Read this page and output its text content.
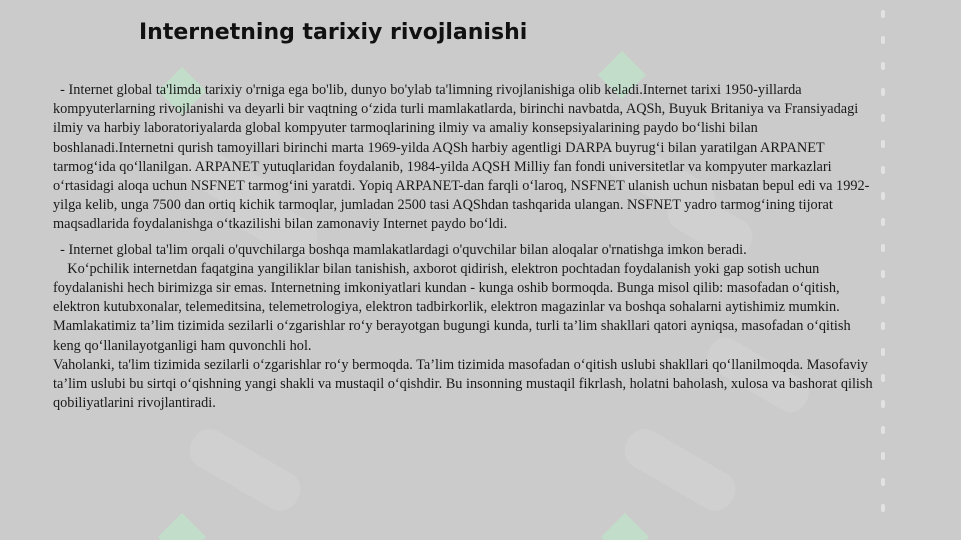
Internetning tarixiy rivojlanishi

- Internet global ta'limda tarixiy o'rniga ega bo'lib, dunyo bo'ylab ta'limning rivojlanishiga olib keladi.Internet tarixi 1950-yillarda kompyuterlarning rivojlanishi va deyarli bir vaqtning o‘zida turli mamlakatlarda, birinchi navbatda, AQSh, Buyuk Britaniya va Fransiyadagi ilmiy va harbiy laboratoriyalarda global kompyuter tarmoqlarining ilmiy va amaliy konsepsiyalarining paydo bo‘lishi bilan boshlanadi.Internetni qurish tamoyillari birinchi marta 1969-yilda AQSh harbiy agentligi DARPA buyrug‘i bilan yaratilgan ARPANET tarmog‘ida qo‘llanilgan. ARPANET yutuqlaridan foydalanib, 1984-yilda AQSH Milliy fan fondi universitetlar va kompyuter markazlari o‘rtasidagi aloqa uchun NSFNET tarmog‘ini yaratdi. Yopiq ARPANET-dan farqli o‘laroq, NSFNET ulanish uchun nisbatan bepul edi va 1992-yilga kelib, unga 7500 dan ortiq kichik tarmoqlar, jumladan 2500 tasi AQShdan tashqarida ulangan. NSFNET yadro tarmog‘ining tijorat maqsadlarida foydalanishga o‘tkazilishi bilan zamonaviy Internet paydo bo‘ldi.

- Internet global ta'lim orqali o'quvchilarga boshqa mamlakatlardagi o'quvchilar bilan aloqalar o'rnatishga imkon beradi.

Ko‘pchilik internetdan faqatgina yangiliklar bilan tanishish, axborot qidirish, elektron pochtadan foydalanish yoki gap sotish uchun foydalanishi hech birimizga sir emas. Internetning imkoniyatlari kundan - kunga oshib bormoqda. Bunga misol qilib: masofadan o‘qitish, elektron kutubxonalar, telemeditsina, telemetrologiya, elektron tadbirkorlik, elektron magazinlar va boshqa sohalarni aytishimiz mumkin. Mamlakatimiz ta’lim tizimida sezilarli o‘zgarishlar ro‘y berayotgan bugungi kunda, turli ta’lim shakllari qatori ayniqsa, masofadan o‘qitish keng qo‘llanilayotganligi ham quvonchli hol.

Vaholanki, ta'lim tizimida sezilarli o‘zgarishlar ro‘y bermoqda. Ta’lim tizimida masofadan o‘qitish uslubi shakllari qo‘llanilmoqda. Masofaviy ta’lim uslubi bu sirtqi o‘qishning yangi shakli va mustaqil o‘qishdir. Bu insonning mustaqil fikrlash, holatni baholash, xulosa va bashorat qilish qobiliyatlarini rivojlantiradi.
